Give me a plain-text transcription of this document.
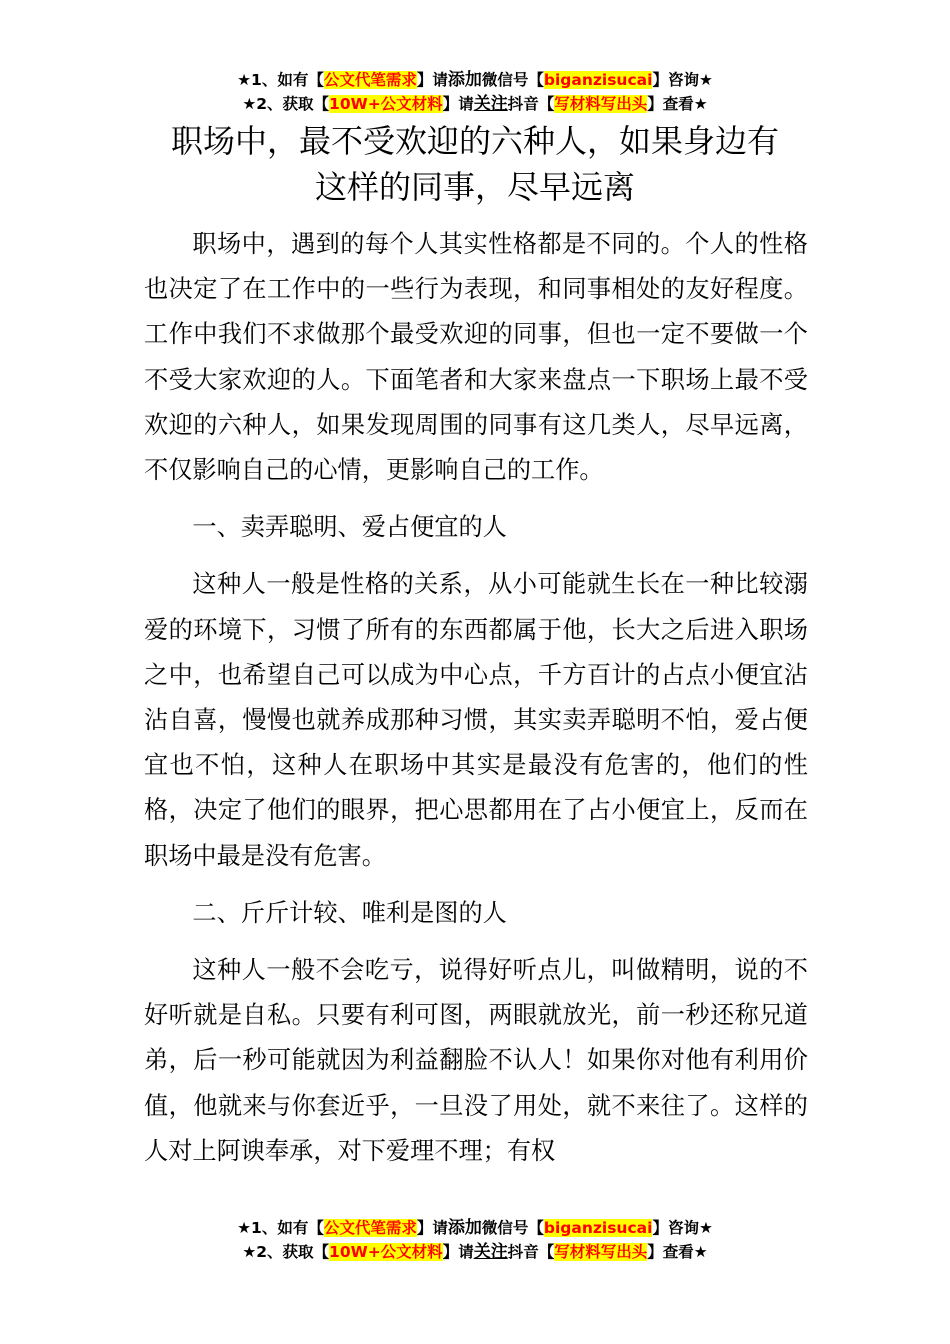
★1、如有【公文代笔需求】请添加微信号【biganzisucai】咨询★
★2、获取【10W+公文材料】请关注抖音【写材料写出头】查看★
职场中，最不受欢迎的六种人，如果身边有
这样的同事，尽早远离

职场中，遇到的每个人其实性格都是不同的。个人的性格也决定了在工作中的一些行为表现，和同事相处的友好程度。工作中我们不求做那个最受欢迎的同事，但也一定不要做一个不受大家欢迎的人。下面笔者和大家来盘点一下职场上最不受欢迎的六种人，如果发现周围的同事有这几类人，尽早远离，不仅影响自己的心情，更影响自己的工作。

一、卖弄聪明、爱占便宜的人

这种人一般是性格的关系，从小可能就生长在一种比较溺爱的环境下，习惯了所有的东西都属于他，长大之后进入职场之中，也希望自己可以成为中心点，千方百计的占点小便宜沾沾自喜，慢慢也就养成那种习惯，其实卖弄聪明不怕，爱占便宜也不怕，这种人在职场中其实是最没有危害的，他们的性格，决定了他们的眼界，把心思都用在了占小便宜上，反而在职场中最是没有危害。

二、斤斤计较、唯利是图的人

这种人一般不会吃亏，说得好听点儿，叫做精明，说的不好听就是自私。只要有利可图，两眼就放光，前一秒还称兄道弟，后一秒可能就因为利益翻脸不认人！如果你对他有利用价值，他就来与你套近乎，一旦没了用处，就不来往了。这样的人对上阿谀奉承，对下爱理不理；有权

★1、如有【公文代笔需求】请添加微信号【biganzisucai】咨询★
★2、获取【10W+公文材料】请关注抖音【写材料写出头】查看★
